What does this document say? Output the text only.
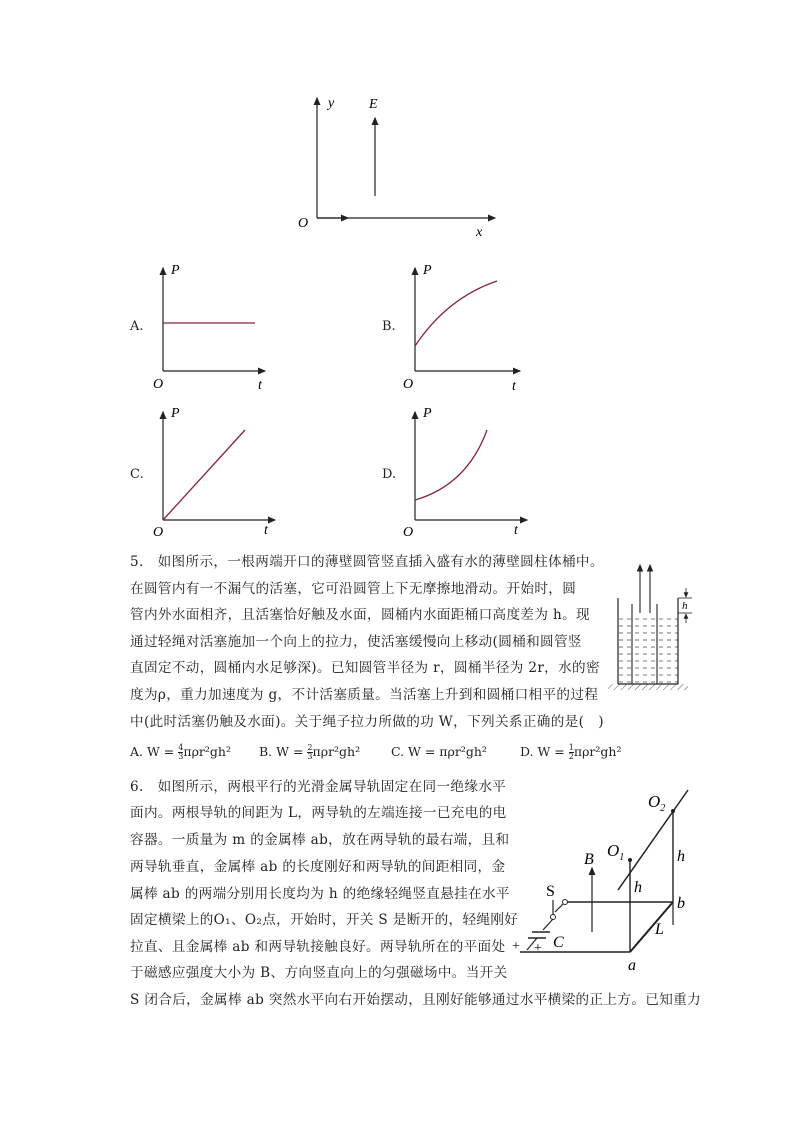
y E
O
x
A.
P
O	t
B.
P
O	t
C.
P
O	t
D.
P
O	t
5.　如图所示，一根两端开口的薄壁圆管竖直插入盛有水的薄壁圆柱体桶中。
在圆管内有一不漏气的活塞，它可沿圆管上下无摩擦地滑动。开始时，圆
管内外水面相齐，且活塞恰好触及水面，圆桶内水面距桶口高度差为 h。现
通过轻绳对活塞施加一个向上的拉力，使活塞缓慢向上移动(圆桶和圆管竖
直固定不动，圆桶内水足够深)。已知圆管半径为 r，圆桶半径为 2r，水的密
度为ρ，重力加速度为 g，不计活塞质量。当活塞上升到和圆桶口相平的过程
中(此时活塞仍触及水面)。关于绳子拉力所做的功 W，下列关系正确的是(　)
h
A. $W = \frac{4}{3} \pi\rho r^2gh^2$ B. $W = \frac{2}{3} \pi\rho r^2gh^2$ C. W = πρr²gh²	D. $W = \frac{1}{2} \pi\rho r^2gh^2$
6.　如图所示，两根平行的光滑金属导轨固定在同一绝缘水平
面内。两根导轨的间距为 L，两导轨的左端连接一已充电的电
容器。一质量为 m 的金属棒 ab，放在两导轨的最右端，且和
两导轨垂直，金属棒 ab 的长度刚好和两导轨的间距相同，金
属棒 ab 的两端分别用长度均为 h 的绝缘轻绳竖直悬挂在水平
固定横梁上的O₁、O₂点，开始时，开关 S 是断开的，轻绳刚好
拉直、且金属棒 ab 和两导轨接触良好。两导轨所在的平面处
于磁感应强度大小为 B、方向竖直向上的匀强磁场中。当开关
S 闭合后，金属棒 ab 突然水平向右开始摆动，且刚好能够通过水平横梁的正上方。已知重力
$O_2$
$O_1$	h
h
B
S
C
b
L
a
+ +
